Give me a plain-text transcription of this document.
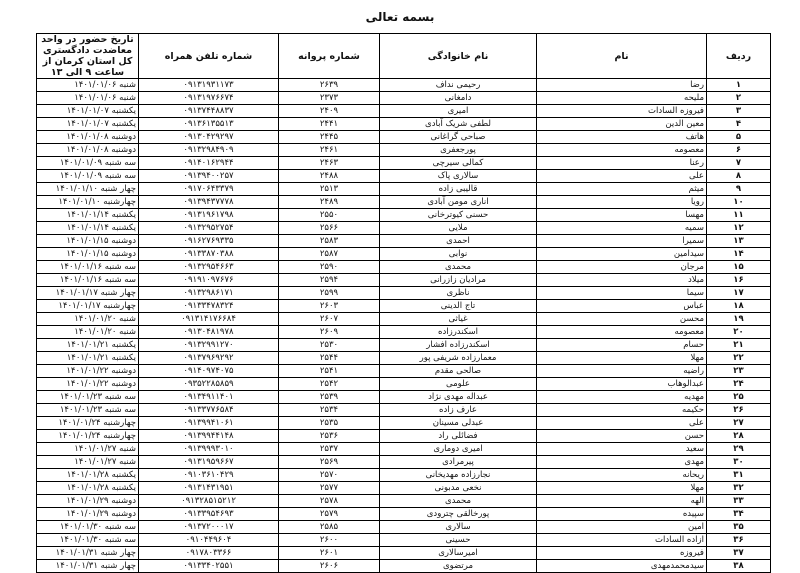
بسمه تعالی
ردیف	نام	نام خانوادگی	شماره پروانه	شماره تلفن همراه	تاریخ حضور در واحد معاضدت دادگستری کل استان کرمان از ساعت ۹ الی ۱۳
۱	رضا	رحیمی نداف	۲۶۳۹	۰۹۱۳۱۹۳۱۱۷۳	شنبه ۱۴۰۱/۰۱/۰۶
۲	ملیحه	دامغانی	۲۳۷۳	۰۹۱۳۱۹۷۶۶۷۴	شنبه ۱۴۰۱/۰۱/۰۶
۳	فیروزه السادات	امیری	۲۴۰۹	۰۹۱۳۷۴۴۸۸۳۷	یکشنبه ۱۴۰۱/۰۱/۰۷
۴	معین الدین	لطفی شریک آبادی	۲۴۴۱	۰۹۱۳۶۱۳۵۵۱۳	یکشنبه ۱۴۰۱/۰۱/۰۷
۵	هاتف	صباحی گراغانی	۲۴۴۵	۰۹۱۳۰۴۲۹۲۹۷	دوشنبه ۱۴۰۱/۰۱/۰۸
۶	معصومه	پورجعفری	۲۴۶۱	۰۹۱۳۲۹۸۴۹۰۹	دوشنبه ۱۴۰۱/۰۱/۰۸
۷	رعنا	کمالی سیرچی	۲۴۶۳	۰۹۱۴۰۱۶۲۹۴۴	سه شنبه ۱۴۰۱/۰۱/۰۹
۸	علی	سالاری پاک	۲۴۸۸	۰۹۱۳۹۴۰۰۲۵۷	سه شنبه ۱۴۰۱/۰۱/۰۹
۹	میثم	قالیبی زاده	۲۵۱۳	۰۹۱۷۰۶۴۳۳۷۹	چهار شنبه ۱۴۰۱/۰۱/۱۰
۱۰	رویا	اناری مومن آبادی	۲۴۸۹	۰۹۱۳۹۴۳۷۷۷۸	چهارشنبه ۱۴۰۱/۰۱/۱۰
۱۱	مهسا	حسنی کیوترخانی	۲۵۵۰	۰۹۱۳۱۹۶۱۷۹۸	یکشنبه ۱۴۰۱/۰۱/۱۴
۱۲	سمیه	ملایی	۲۵۶۶	۰۹۱۳۲۹۵۲۷۵۴	یکشنبه ۱۴۰۱/۰۱/۱۴
۱۳	سمیرا	احمدی	۲۵۸۳	۰۹۱۶۲۷۶۹۳۳۵	دوشنبه ۱۴۰۱/۰۱/۱۵
۱۴	سیدامین	نوابی	۲۵۸۷	۰۹۱۳۳۸۷۰۳۸۸	دوشنبه ۱۴۰۱/۰۱/۱۵
۱۵	مرجان	محمدی	۲۵۹۰	۰۹۱۳۲۹۵۴۶۶۳	سه شنبه ۱۴۰۱/۰۱/۱۶
۱۶	میلاد	مرادیان زازرانی	۲۵۹۴	۰۹۱۹۱۰۹۷۶۷۶	سه شنبه ۱۴۰۱/۰۱/۱۶
۱۷	سیما	ناظری	۲۵۹۹	۰۹۱۳۲۹۸۶۱۷۱	چهار شنبه ۱۴۰۱/۰۱/۱۷
۱۸	عباس	تاج الدینی	۲۶۰۳	۰۹۱۳۳۴۷۸۳۲۴	چهارشنبه ۱۴۰۱/۰۱/۱۷
۱۹	محسن	غیاثی	۲۶۰۷	۰۹۱۳۱۴۱۷۶۶۸۴	شنبه ۱۴۰۱/۰۱/۲۰
۲۰	معصومه	اسکندرزاده	۲۶۰۹	۰۹۱۳۰۴۸۱۹۷۸	شنبه ۱۴۰۱/۰۱/۲۰
۲۱	حسام	اسکندرزاده افشار	۲۵۳۰	۰۹۱۳۲۹۹۱۲۷۰	یکشنبه ۱۴۰۱/۰۱/۲۱
۲۲	مهلا	معمارزاده شریفی پور	۲۵۴۴	۰۹۱۳۷۹۶۹۲۹۲	یکشنبه ۱۴۰۱/۰۱/۲۱
۲۳	راضیه	صالحی مقدم	۲۵۴۱	۰۹۱۴۰۹۷۴۰۷۵	دوشنبه ۱۴۰۱/۰۱/۲۲
۲۴	عبدالوهاب	علومی	۲۵۴۲	۰۹۳۵۲۲۸۵۸۵۹	دوشنبه ۱۴۰۱/۰۱/۲۲
۲۵	مهدیه	عبداله مهدی نژاد	۲۵۳۹	۰۹۱۳۴۹۱۱۴۰۱	سه شنبه ۱۴۰۱/۰۱/۲۳
۲۶	حکیمه	عارف زاده	۲۵۳۴	۰۹۱۳۳۷۷۶۵۸۴	سه شنبه ۱۴۰۱/۰۱/۲۳
۲۷	علی	عبدلی مسینان	۲۵۳۵	۰۹۱۳۹۹۴۱۰۶۱	چهارشنبه ۱۴۰۱/۰۱/۲۴
۲۸	حسن	فضائلی راد	۲۵۳۶	۰۹۱۳۹۹۴۴۱۴۸	چهارشنبه ۱۴۰۱/۰۱/۲۴
۲۹	سعید	امیری دوماری	۲۵۳۷	۰۹۱۳۹۹۹۳۰۱۰	شنبه ۱۴۰۱/۰۱/۲۷
۳۰	مهدی	پیرمرادی	۲۵۶۹	۰۹۱۳۱۹۵۹۶۶۷	شنبه ۱۴۰۱/۰۱/۲۷
۳۱	ریحانه	نجارزاده مهدیخانی	۲۵۷۰	۰۹۱۰۳۶۱۰۴۲۹	یکشنبه ۱۴۰۱/۰۱/۲۸
۳۲	مهلا	نخعی مدبونی	۲۵۷۷	۰۹۱۳۱۴۳۱۹۵۱	یکشنبه ۱۴۰۱/۰۱/۲۸
۳۳	الهه	محمدی	۲۵۷۸	۰۹۱۳۲۸۵۱۵۲۱۲	دوشنبه ۱۴۰۱/۰۱/۲۹
۳۴	سپیده	پورخالقی چترودی	۲۵۷۹	۰۹۱۳۳۹۵۴۶۹۳	دوشنبه ۱۴۰۱/۰۱/۲۹
۳۵	امین	سالاری	۲۵۸۵	۰۹۱۳۷۲۰۰۰۱۷	سه شنبه ۱۴۰۱/۰۱/۳۰
۳۶	ازاده السادات	حسینی	۲۶۰۰	۰۹۱۰۴۴۹۶۰۴	سه شنبه ۱۴۰۱/۰۱/۳۰
۳۷	فیروزه	امیرسالاری	۲۶۰۱	۰۹۱۷۸۰۳۳۶۶	چهار شنبه ۱۴۰۱/۰۱/۳۱
۳۸	سیدمحمدمهدی	مرتضوی	۲۶۰۶	۰۹۱۳۳۴۰۲۵۵۱	چهار شنبه ۱۴۰۱/۰۱/۳۱
